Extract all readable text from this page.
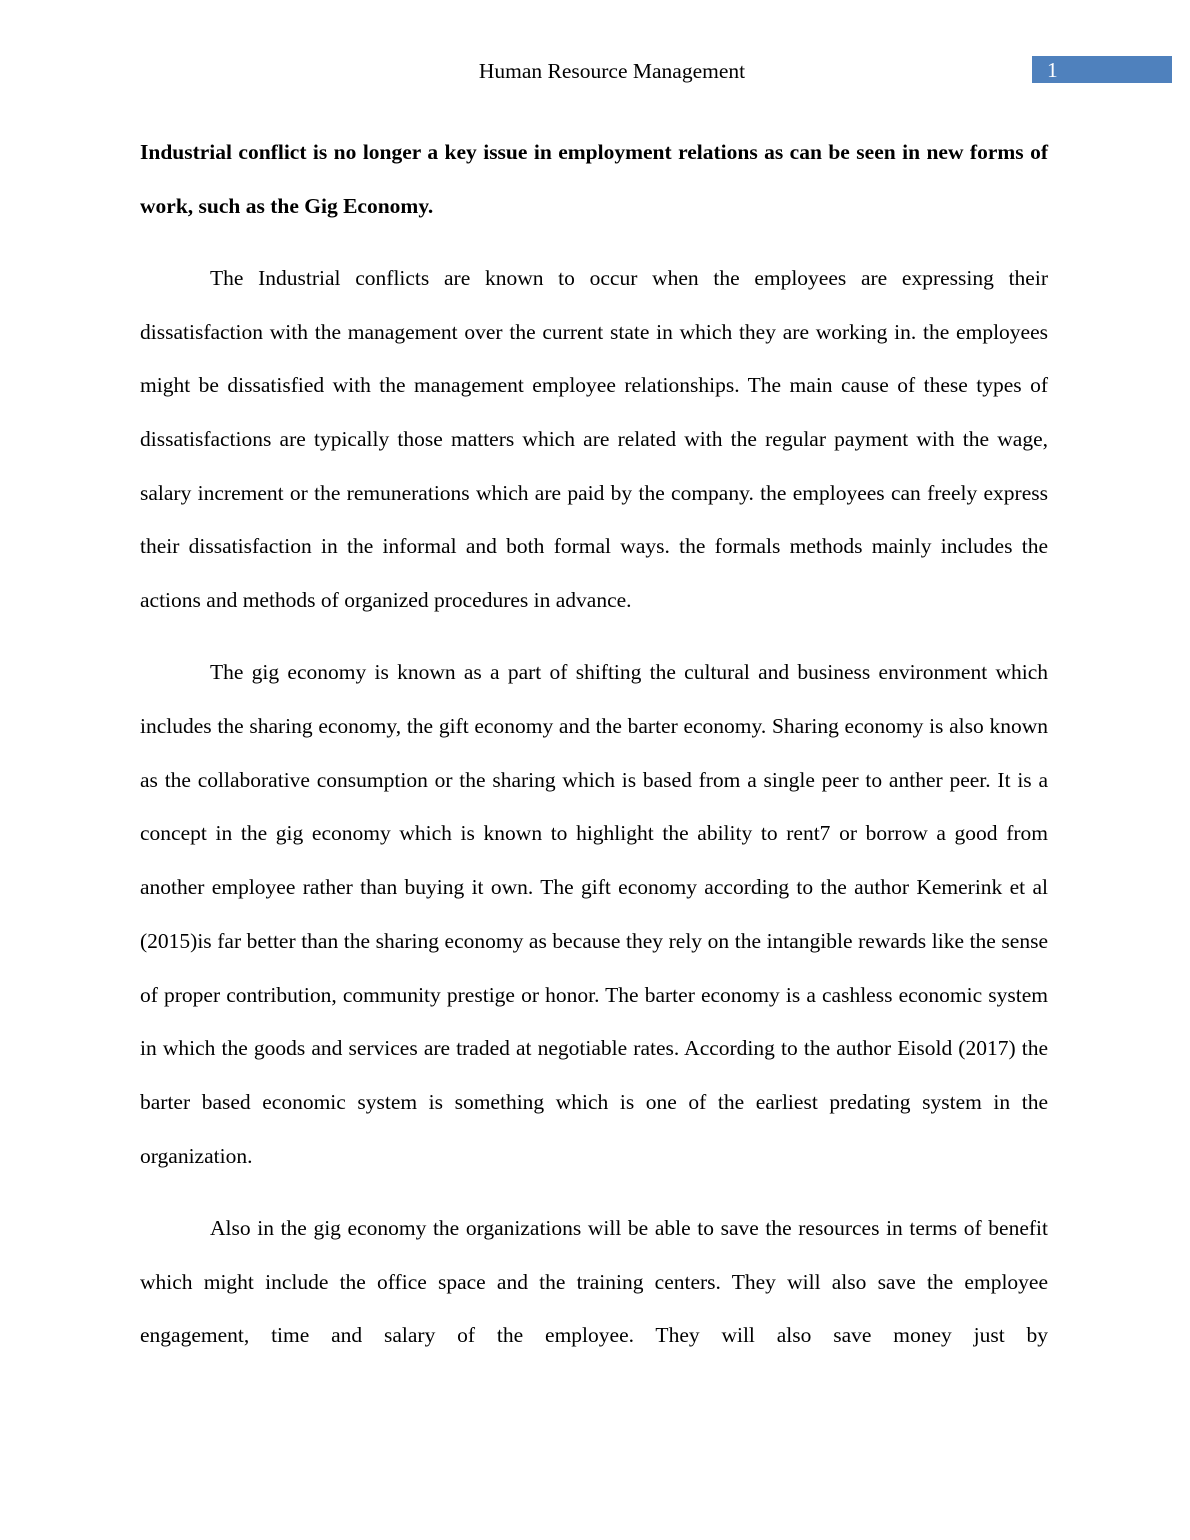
Human Resource Management	1

Industrial conflict is no longer a key issue in employment relations as can be seen in new forms of work, such as the Gig Economy.

The Industrial conflicts are known to occur when the employees are expressing their dissatisfaction with the management over the current state in which they are working in. the employees might be dissatisfied with the management employee relationships. The main cause of these types of dissatisfactions are typically those matters which are related with the regular payment with the wage, salary increment or the remunerations which are paid by the company. the employees can freely express their dissatisfaction in the informal and both formal ways. the formals methods mainly includes the actions and methods of organized procedures in advance.

The gig economy is known as a part of shifting the cultural and business environment which includes the sharing economy, the gift economy and the barter economy. Sharing economy is also known as the collaborative consumption or the sharing which is based from a single peer to anther peer. It is a concept in the gig economy which is known to highlight the ability to rent7 or borrow a good from another employee rather than buying it own. The gift economy according to the author Kemerink et al (2015)is far better than the sharing economy as because they rely on the intangible rewards like the sense of proper contribution, community prestige or honor. The barter economy is a cashless economic system in which the goods and services are traded at negotiable rates. According to the author Eisold (2017) the barter based economic system is something which is one of the earliest predating system in the organization.

Also in the gig economy the organizations will be able to save the resources in terms of benefit which might include the office space and the training centers. They will also save the employee engagement, time and salary of the employee. They will also save money just by
